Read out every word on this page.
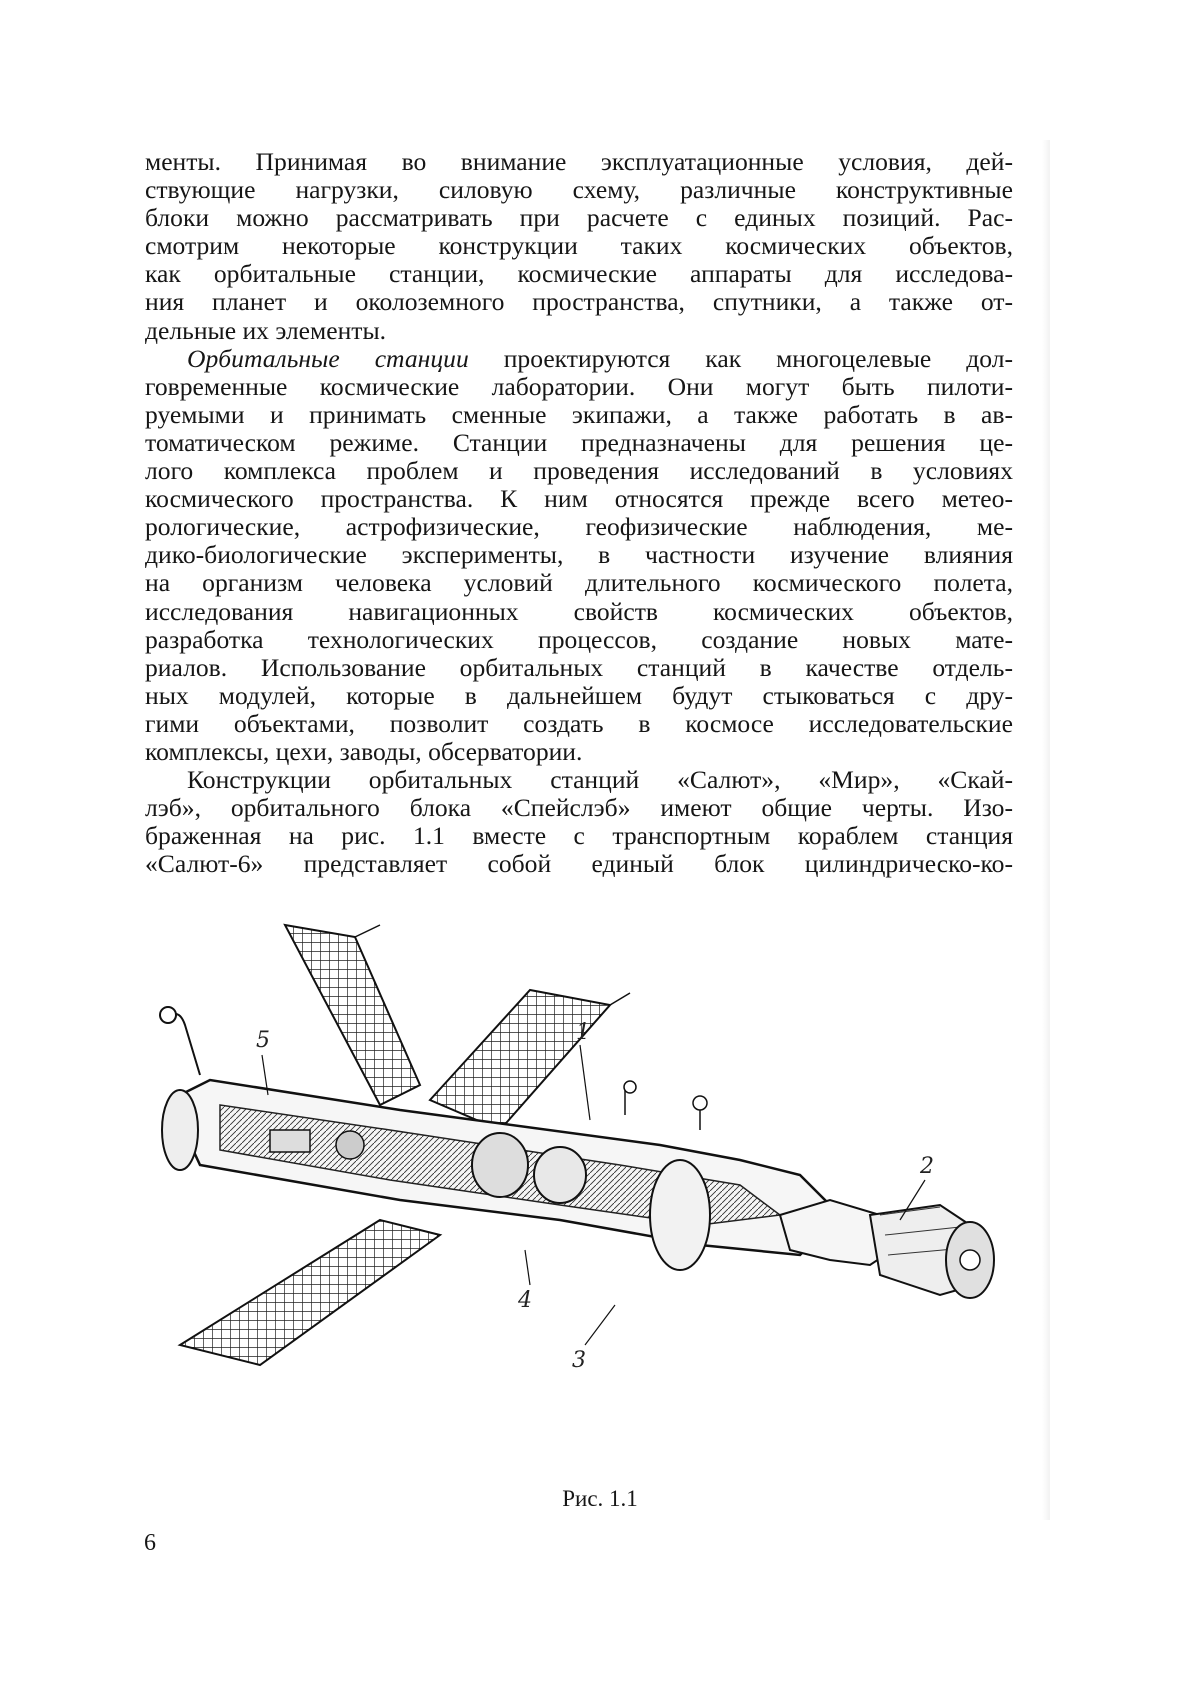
менты. Принимая во внимание эксплуатационные условия, дей-
ствующие нагрузки, силовую схему, различные конструктивные
блоки можно рассматривать при расчете с единых позиций. Рас-
смотрим некоторые конструкции таких космических объектов,
как орбитальные станции, космические аппараты для исследова-
ния планет и околоземного пространства, спутники, а также от-
дельные их элементы.
Орбитальные станции проектируются как многоцелевые дол-
говременные космические лаборатории. Они могут быть пилоти-
руемыми и принимать сменные экипажи, а также работать в ав-
томатическом режиме. Станции предназначены для решения це-
лого комплекса проблем и проведения исследований в условиях
космического пространства. К ним относятся прежде всего метео-
рологические, астрофизические, геофизические наблюдения, ме-
дико-биологические эксперименты, в частности изучение влияния
на организм человека условий длительного космического полета,
исследования навигационных свойств космических объектов,
разработка технологических процессов, создание новых мате-
риалов. Использование орбитальных станций в качестве отдель-
ных модулей, которые в дальнейшем будут стыковаться с дру-
гими объектами, позволит создать в космосе исследовательские
комплексы, цехи, заводы, обсерватории.
Конструкции орбитальных станций «Салют», «Мир», «Скай-
лэб», орбитального блока «Спейслэб» имеют общие черты. Изо-
браженная на рис. 1.1 вместе с транспортным кораблем станция
«Салют-6» представляет собой единый блок цилиндрическо-ко-
5	1
2
4
3
Рис. 1.1
6
